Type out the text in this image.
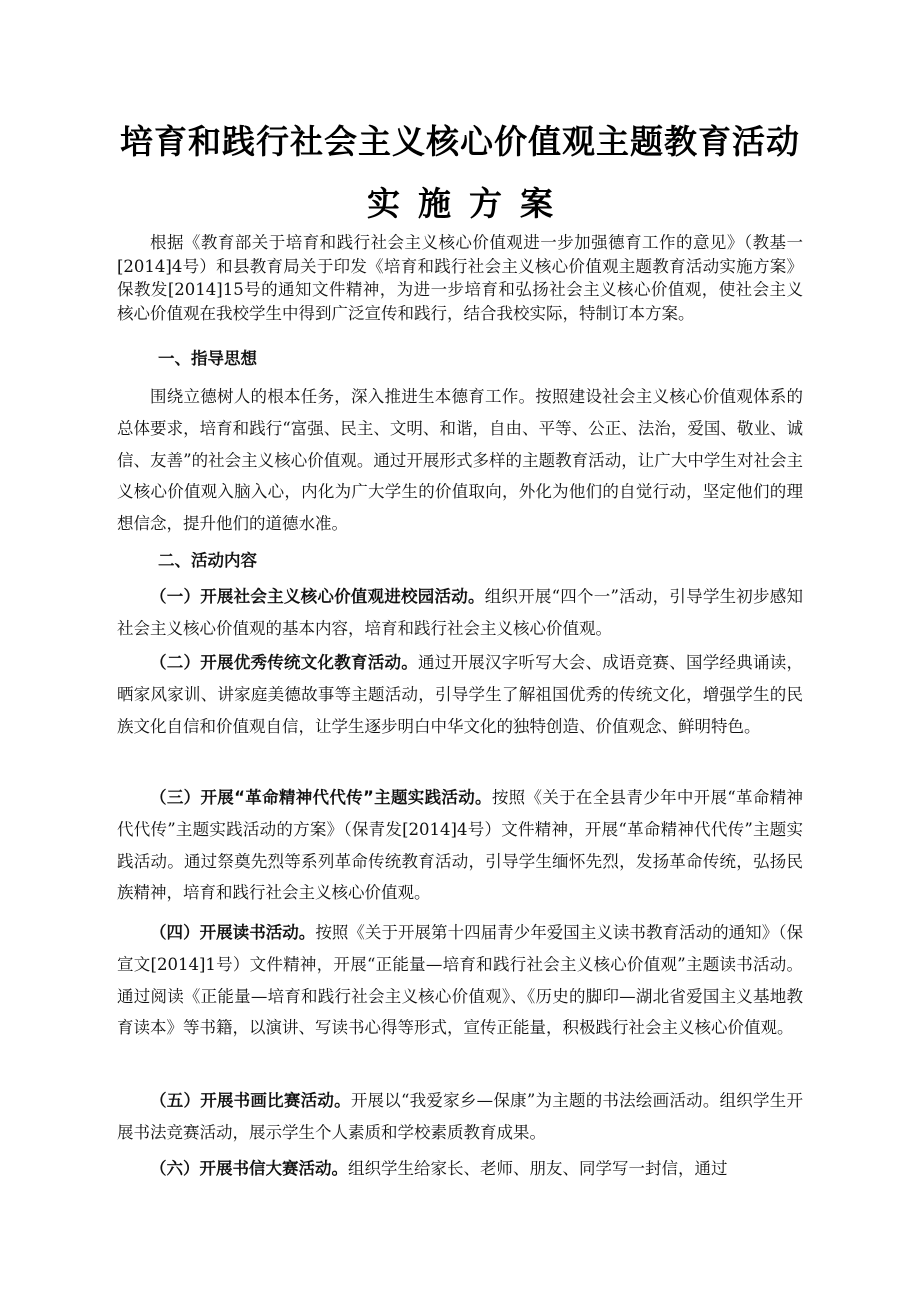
培育和践行社会主义核心价值观主题教育活动
实施方案

根据《教育部关于培育和践行社会主义核心价值观进一步加强德育工作的意见》（教基一[2014]4号）和县教育局关于印发《培育和践行社会主义核心价值观主题教育活动实施方案》保教发[2014]15号的通知文件精神，为进一步培育和弘扬社会主义核心价值观，使社会主义核心价值观在我校学生中得到广泛宣传和践行，结合我校实际，特制订本方案。

一、指导思想

围绕立德树人的根本任务，深入推进生本德育工作。按照建设社会主义核心价值观体系的总体要求，培育和践行“富强、民主、文明、和谐，自由、平等、公正、法治，爱国、敬业、诚信、友善”的社会主义核心价值观。通过开展形式多样的主题教育活动，让广大中学生对社会主义核心价值观入脑入心，内化为广大学生的价值取向，外化为他们的自觉行动，坚定他们的理想信念，提升他们的道德水准。

二、活动内容

（一）开展社会主义核心价值观进校园活动。组织开展“四个一”活动，引导学生初步感知社会主义核心价值观的基本内容，培育和践行社会主义核心价值观。

（二）开展优秀传统文化教育活动。通过开展汉字听写大会、成语竞赛、国学经典诵读，晒家风家训、讲家庭美德故事等主题活动，引导学生了解祖国优秀的传统文化，增强学生的民族文化自信和价值观自信，让学生逐步明白中华文化的独特创造、价值观念、鲜明特色。

（三）开展“革命精神代代传”主题实践活动。按照《关于在全县青少年中开展“革命精神代代传”主题实践活动的方案》（保青发[2014]4号）文件精神，开展“革命精神代代传”主题实践活动。通过祭奠先烈等系列革命传统教育活动，引导学生缅怀先烈，发扬革命传统，弘扬民族精神，培育和践行社会主义核心价值观。

（四）开展读书活动。按照《关于开展第十四届青少年爱国主义读书教育活动的通知》（保宣文[2014]1号）文件精神，开展“正能量—培育和践行社会主义核心价值观”主题读书活动。通过阅读《正能量—培育和践行社会主义核心价值观》、《历史的脚印—湖北省爱国主义基地教育读本》等书籍，以演讲、写读书心得等形式，宣传正能量，积极践行社会主义核心价值观。

（五）开展书画比赛活动。开展以“我爱家乡—保康”为主题的书法绘画活动。组织学生开展书法竞赛活动，展示学生个人素质和学校素质教育成果。

（六）开展书信大赛活动。组织学生给家长、老师、朋友、同学写一封信，通过
